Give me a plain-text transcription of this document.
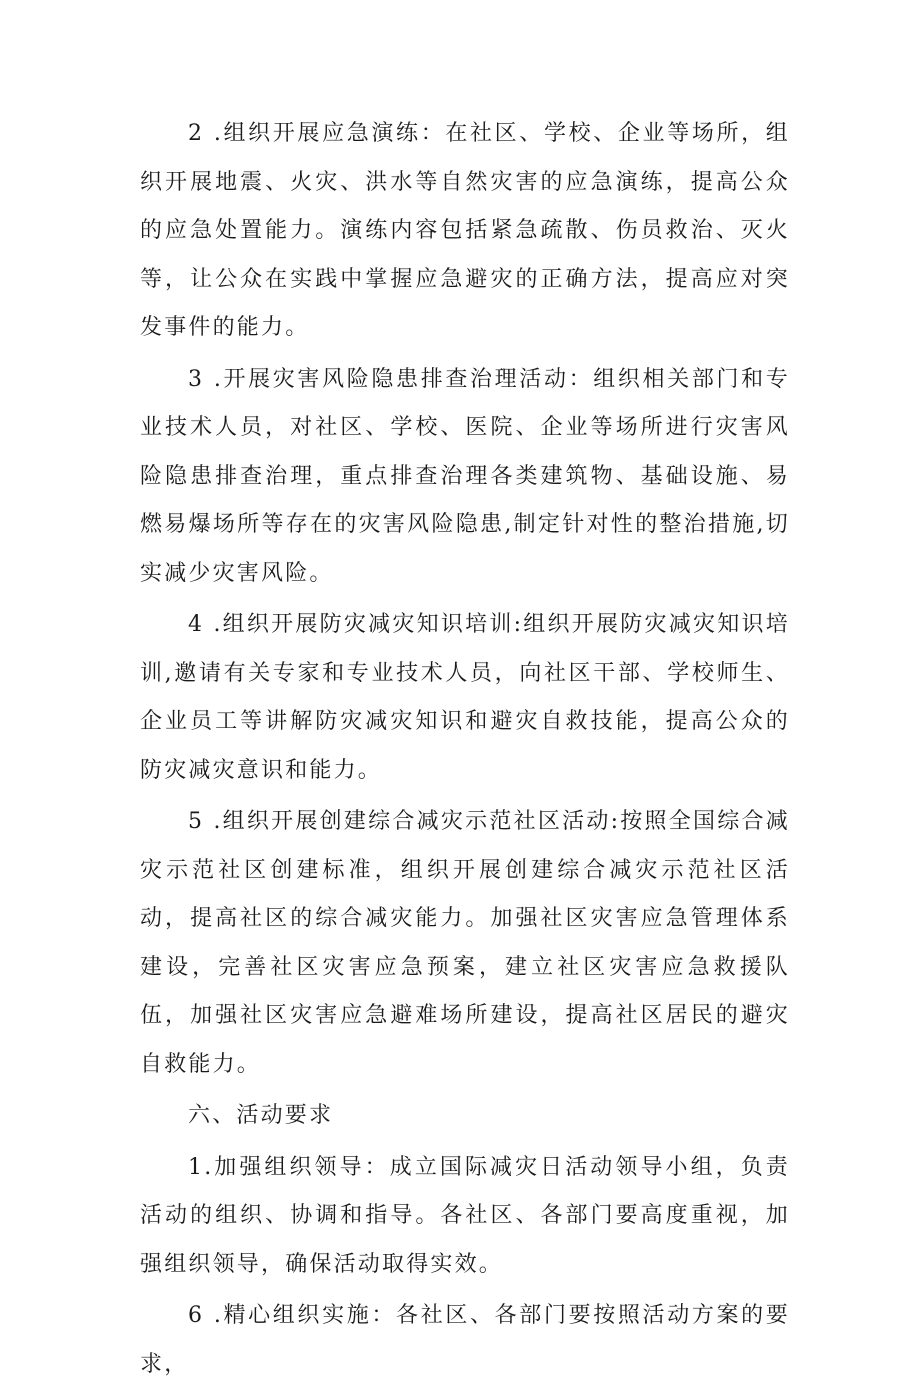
2 .组织开展应急演练：在社区、学校、企业等场所，组织开展地震、火灾、洪水等自然灾害的应急演练，提高公众的应急处置能力。演练内容包括紧急疏散、伤员救治、灭火等，让公众在实践中掌握应急避灾的正确方法，提高应对突发事件的能力。

3 .开展灾害风险隐患排查治理活动：组织相关部门和专业技术人员，对社区、学校、医院、企业等场所进行灾害风险隐患排查治理，重点排查治理各类建筑物、基础设施、易燃易爆场所等存在的灾害风险隐患,制定针对性的整治措施,切实减少灾害风险。

4 .组织开展防灾减灾知识培训:组织开展防灾减灾知识培训,邀请有关专家和专业技术人员，向社区干部、学校师生、企业员工等讲解防灾减灾知识和避灾自救技能，提高公众的防灾减灾意识和能力。

5 .组织开展创建综合减灾示范社区活动:按照全国综合减灾示范社区创建标准，组织开展创建综合减灾示范社区活动，提高社区的综合减灾能力。加强社区灾害应急管理体系建设，完善社区灾害应急预案，建立社区灾害应急救援队伍，加强社区灾害应急避难场所建设，提高社区居民的避灾自救能力。

六、活动要求

1.加强组织领导：成立国际减灾日活动领导小组，负责活动的组织、协调和指导。各社区、各部门要高度重视，加强组织领导，确保活动取得实效。

6 .精心组织实施：各社区、各部门要按照活动方案的要求，
